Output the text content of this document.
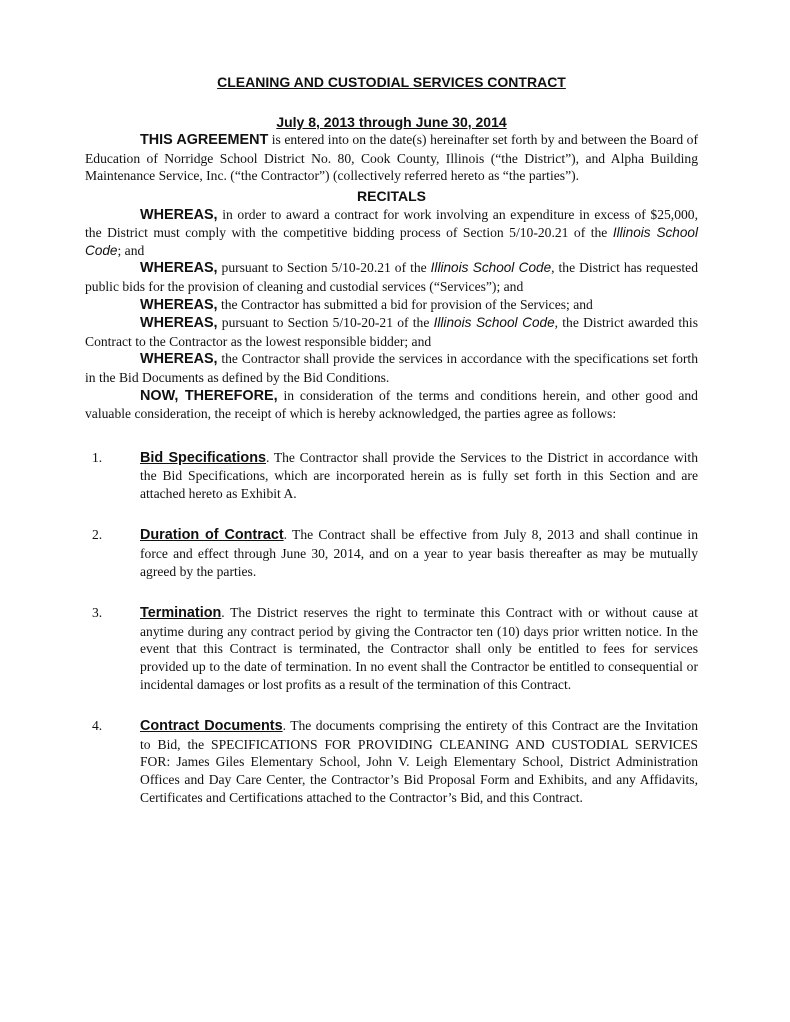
CLEANING AND CUSTODIAL SERVICES CONTRACT
July 8, 2013 through June 30, 2014

THIS AGREEMENT is entered into on the date(s) hereinafter set forth by and between the Board of Education of Norridge School District No. 80, Cook County, Illinois (“the District”), and Alpha Building Maintenance Service, Inc. (“the Contractor”) (collectively referred hereto as “the parties”).

RECITALS

WHEREAS, in order to award a contract for work involving an expenditure in excess of $25,000, the District must comply with the competitive bidding process of Section 5/10-20.21 of the Illinois School Code; and

WHEREAS, pursuant to Section 5/10-20.21 of the Illinois School Code, the District has requested public bids for the provision of cleaning and custodial services (“Services”); and

WHEREAS, the Contractor has submitted a bid for provision of the Services; and

WHEREAS, pursuant to Section 5/10-20-21 of the Illinois School Code, the District awarded this Contract to the Contractor as the lowest responsible bidder; and

WHEREAS, the Contractor shall provide the services in accordance with the specifications set forth in the Bid Documents as defined by the Bid Conditions.

NOW, THEREFORE, in consideration of the terms and conditions herein, and other good and valuable consideration, the receipt of which is hereby acknowledged, the parties agree as follows:

1.	Bid Specifications. The Contractor shall provide the Services to the District in accordance with the Bid Specifications, which are incorporated herein as is fully set forth in this Section and are attached hereto as Exhibit A.
2.	Duration of Contract. The Contract shall be effective from July 8, 2013 and shall continue in force and effect through June 30, 2014, and on a year to year basis thereafter as may be mutually agreed by the parties.
3.	Termination. The District reserves the right to terminate this Contract with or without cause at anytime during any contract period by giving the Contractor ten (10) days prior written notice. In the event that this Contract is terminated, the Contractor shall only be entitled to fees for services provided up to the date of termination. In no event shall the Contractor be entitled to consequential or incidental damages or lost profits as a result of the termination of this Contract.
4.	Contract Documents. The documents comprising the entirety of this Contract are the Invitation to Bid, the SPECIFICATIONS FOR PROVIDING CLEANING AND CUSTODIAL SERVICES FOR: James Giles Elementary School, John V. Leigh Elementary School, District Administration Offices and Day Care Center, the Contractor’s Bid Proposal Form and Exhibits, and any Affidavits, Certificates and Certifications attached to the Contractor’s Bid, and this Contract.
